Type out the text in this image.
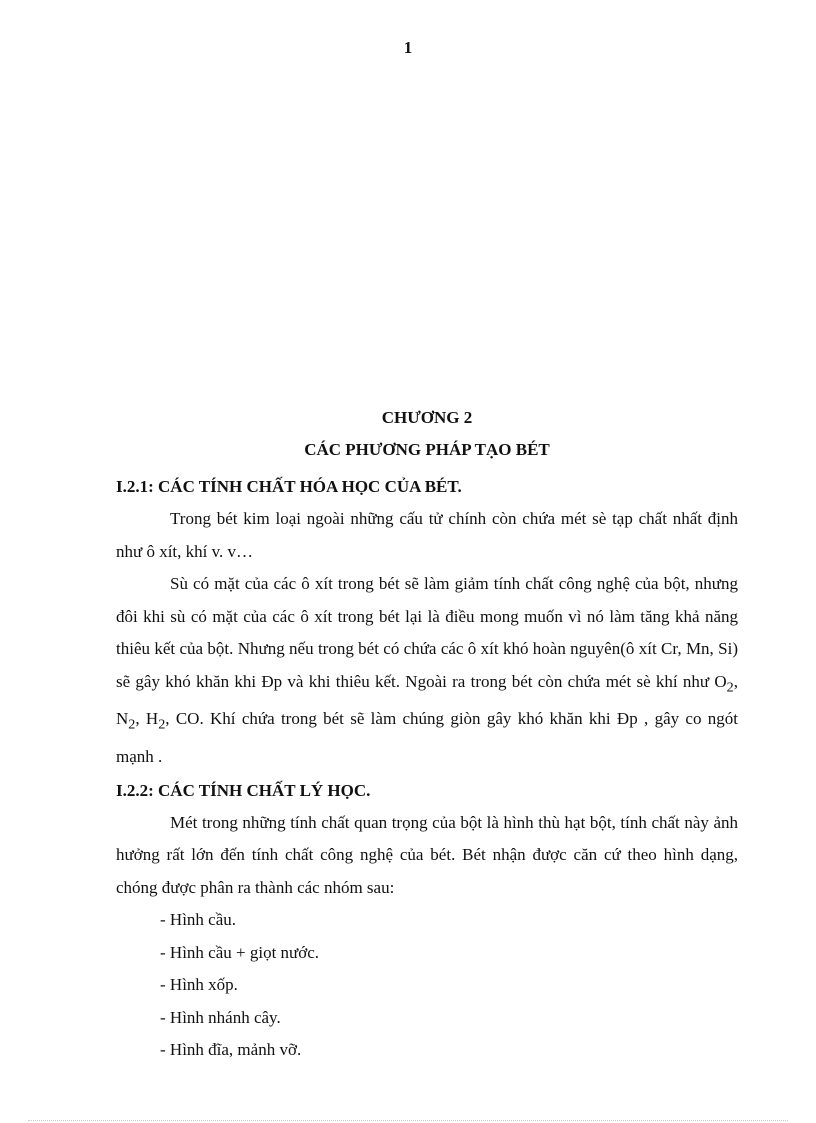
1
CHƯƠNG 2
CÁC PHƯƠNG PHÁP TẠO BÉT

I.2.1: CÁC TÍNH CHẤT HÓA HỌC CỦA BÉT.

Trong bét kim loại ngoài những cấu tử chính còn chứa mét sè tạp chất nhất định như ô xít, khí v. v…

Sù có mặt của các ô xít trong bét sẽ làm giảm tính chất công nghệ của bột, nhưng đôi khi sù có mặt của các ô xít trong bét lại là điều mong muốn vì nó làm tăng khả năng thiêu kết của bột. Nhưng nếu trong bét có chứa các ô xít khó hoàn nguyên(ô xít Cr, Mn, Si) sẽ gây khó khăn khi Ðp và khi thiêu kết. Ngoài ra trong bét còn chứa mét sè khí như $O_2$, $N_2$, $H_2$, CO. Khí chứa trong bét sẽ làm chúng giòn gây khó khăn khi Ðp , gây co ngót mạnh .

I.2.2: CÁC TÍNH CHẤT LÝ HỌC.

Mét trong những tính chất quan trọng của bột là hình thù hạt bột, tính chất này ảnh hưởng rất lớn đến tính chất công nghệ của bét. Bét nhận được căn cứ theo hình dạng, chóng được phân ra thành các nhóm sau:

- Hình cầu.
- Hình cầu + giọt nước.
- Hình xốp.
- Hình nhánh cây.
- Hình đĩa, mảnh vỡ.
